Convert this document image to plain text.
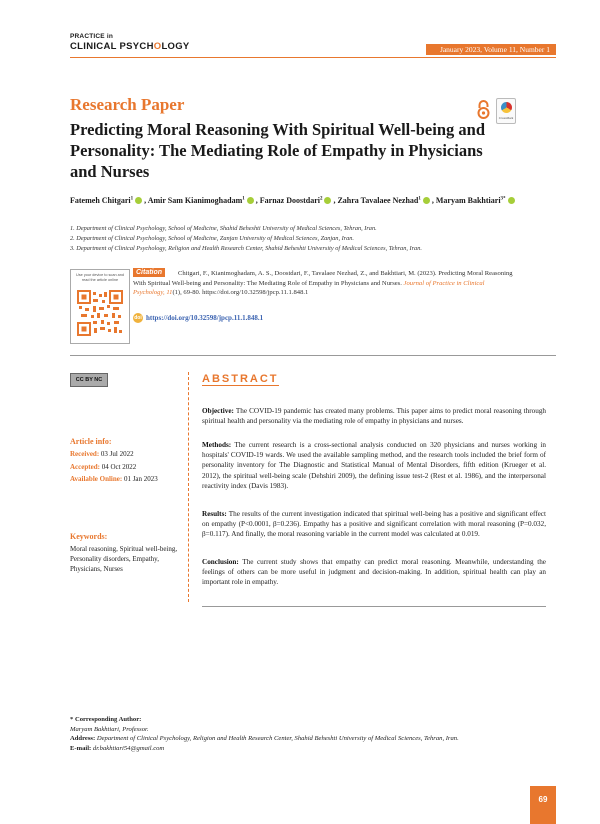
PRACTICE in
CLINICAL PSYCHOLOGY	January 2023, Volume 11, Number 1
Research Paper
Predicting Moral Reasoning With Spiritual Well-being and Personality: The Mediating Role of Empathy in Physicians and Nurses
CrossMark
Fatemeh Chitgari$^1$ , Amir Sam Kianimoghadam$^1$ , Farnaz Doostdari$^2$ , Zahra Tavalaee Nezhad$^1$ , Maryam Bakhtiari$^{3*}$
1. Department of Clinical Psychology, School of Medicine, Shahid Beheshti University of Medical Sciences, Tehran, Iran.
2. Department of Clinical Psychology, School of Medicine, Zanjan University of Medical Sciences, Zanjan, Iran.
3. Department of Clinical Psychology, Religion and Health Research Center, Shahid Beheshti University of Medical Sciences, Tehran, Iran.
Use your device to scan and read the article online
Chitgari, F., Kianimoghadam, A. S., Doostdari, F., Tavalaee Nezhad, Z., and Bakhtiari, M. (2023). Predicting Moral Reasoning With Spiritual Well-being and Personality: The Mediating Role of Empathy in Physicians and Nurses. Journal of Practice in Clinical Psychology, 11(1), 69-80. https://doi.org/10.32598/jpcp.11.1.848.1
Citation
doi https://doi.org/10.32598/jpcp.11.1.848.1
CC BY NC
Article info:
Received: 03 Jul 2022
Accepted: 04 Oct 2022
Available Online: 01 Jan 2023
Keywords:
Moral reasoning, Spiritual well-being, Personality disorders, Empathy, Physicians, Nurses
ABSTRACT
Objective: The COVID-19 pandemic has created many problems. This paper aims to predict moral reasoning through spiritual health and personality via the mediating role of empathy in physicians and nurses.
Methods: The current research is a cross-sectional analysis conducted on 320 physicians and nurses working in hospitals' COVID-19 wards. We used the available sampling method, and the research tools included the brief form of personality inventory for The Diagnostic and Statistical Manual of Mental Disorders, fifth edition (Krueger et al. 2012), the spiritual well-being scale (Dehshiri 2009), the defining issue test-2 (Rest et al. 1986), and the interpersonal reactivity index (Davis 1983).
Results: The results of the current investigation indicated that spiritual well-being has a positive and significant effect on empathy (P<0.0001, β=0.236). Empathy has a positive and significant correlation with moral reasoning (P=0.032, β=0.117). And finally, the moral reasoning variable in the current model was calculated at 0.019.
Conclusion: The current study shows that empathy can predict moral reasoning. Meanwhile, understanding the feelings of others can be more useful in judgment and decision-making. In addition, spiritual health can play an important role in empathy.
* Corresponding Author:
Maryam Bakhtiari, Professor.
Address: Department of Clinical Psychology, Religion and Health Research Center, Shahid Beheshti University of Medical Sciences, Tehran, Iran.
E-mail: dr.bakhtiari54@gmail.com
69
